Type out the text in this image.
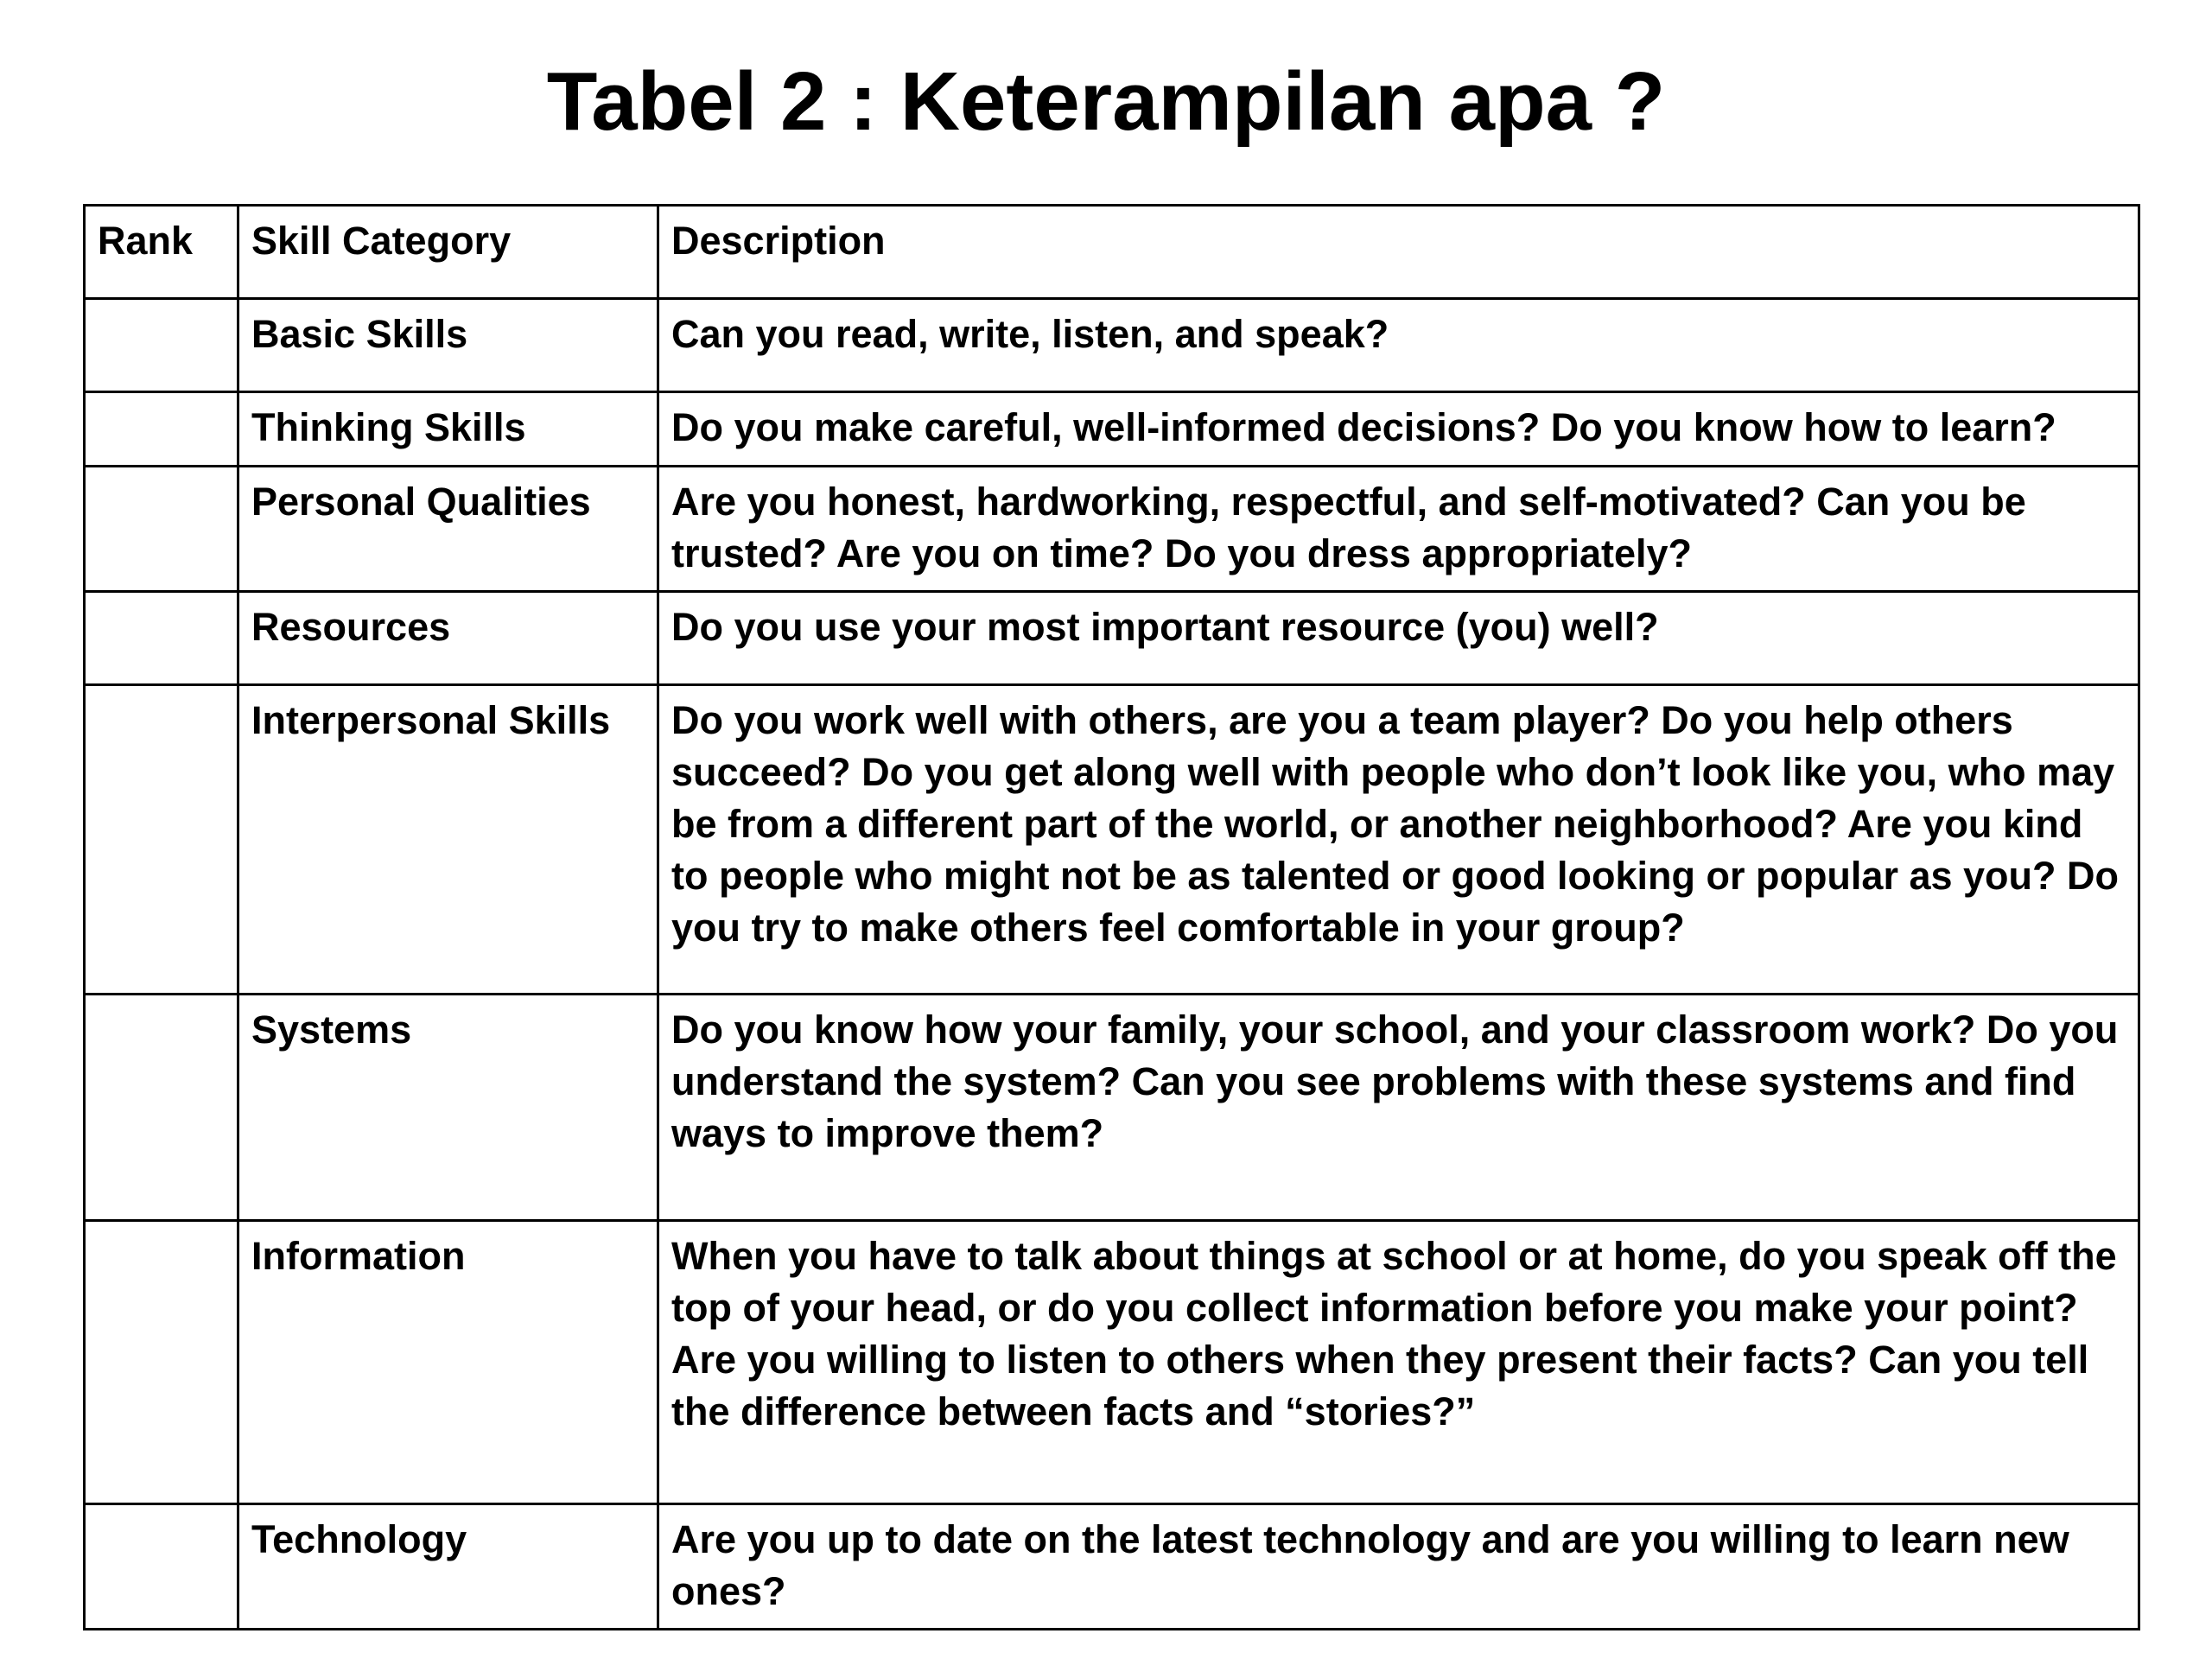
Tabel 2 : Keterampilan apa ?
Rank	Skill Category	Description
	Basic Skills	Can you read, write, listen, and speak?
	Thinking Skills	Do you make careful, well-informed decisions? Do you know how to learn?
	Personal Qualities	Are you honest, hardworking, respectful, and self-motivated? Can you be trusted? Are you on time? Do you dress appropriately?
	Resources	Do you use your most important resource (you) well?
	Interpersonal Skills	Do you work well with others, are you a team player? Do you help others succeed? Do you get along well with people who don’t look like you, who may be from a different part of the world, or another neighborhood? Are you kind to people who might not be as talented or good looking or popular as you? Do you try to make others feel comfortable in your group?
	Systems	Do you know how your family, your school, and your classroom work? Do you understand the system? Can you see problems with these systems and find ways to improve them?
	Information	When you have to talk about things at school or at home, do you speak off the top of your head, or do you collect information before you make your point? Are you willing to listen to others when they present their facts? Can you tell the difference between facts and “stories?”
	Technology	Are you up to date on the latest technology and are you willing to learn new ones?
